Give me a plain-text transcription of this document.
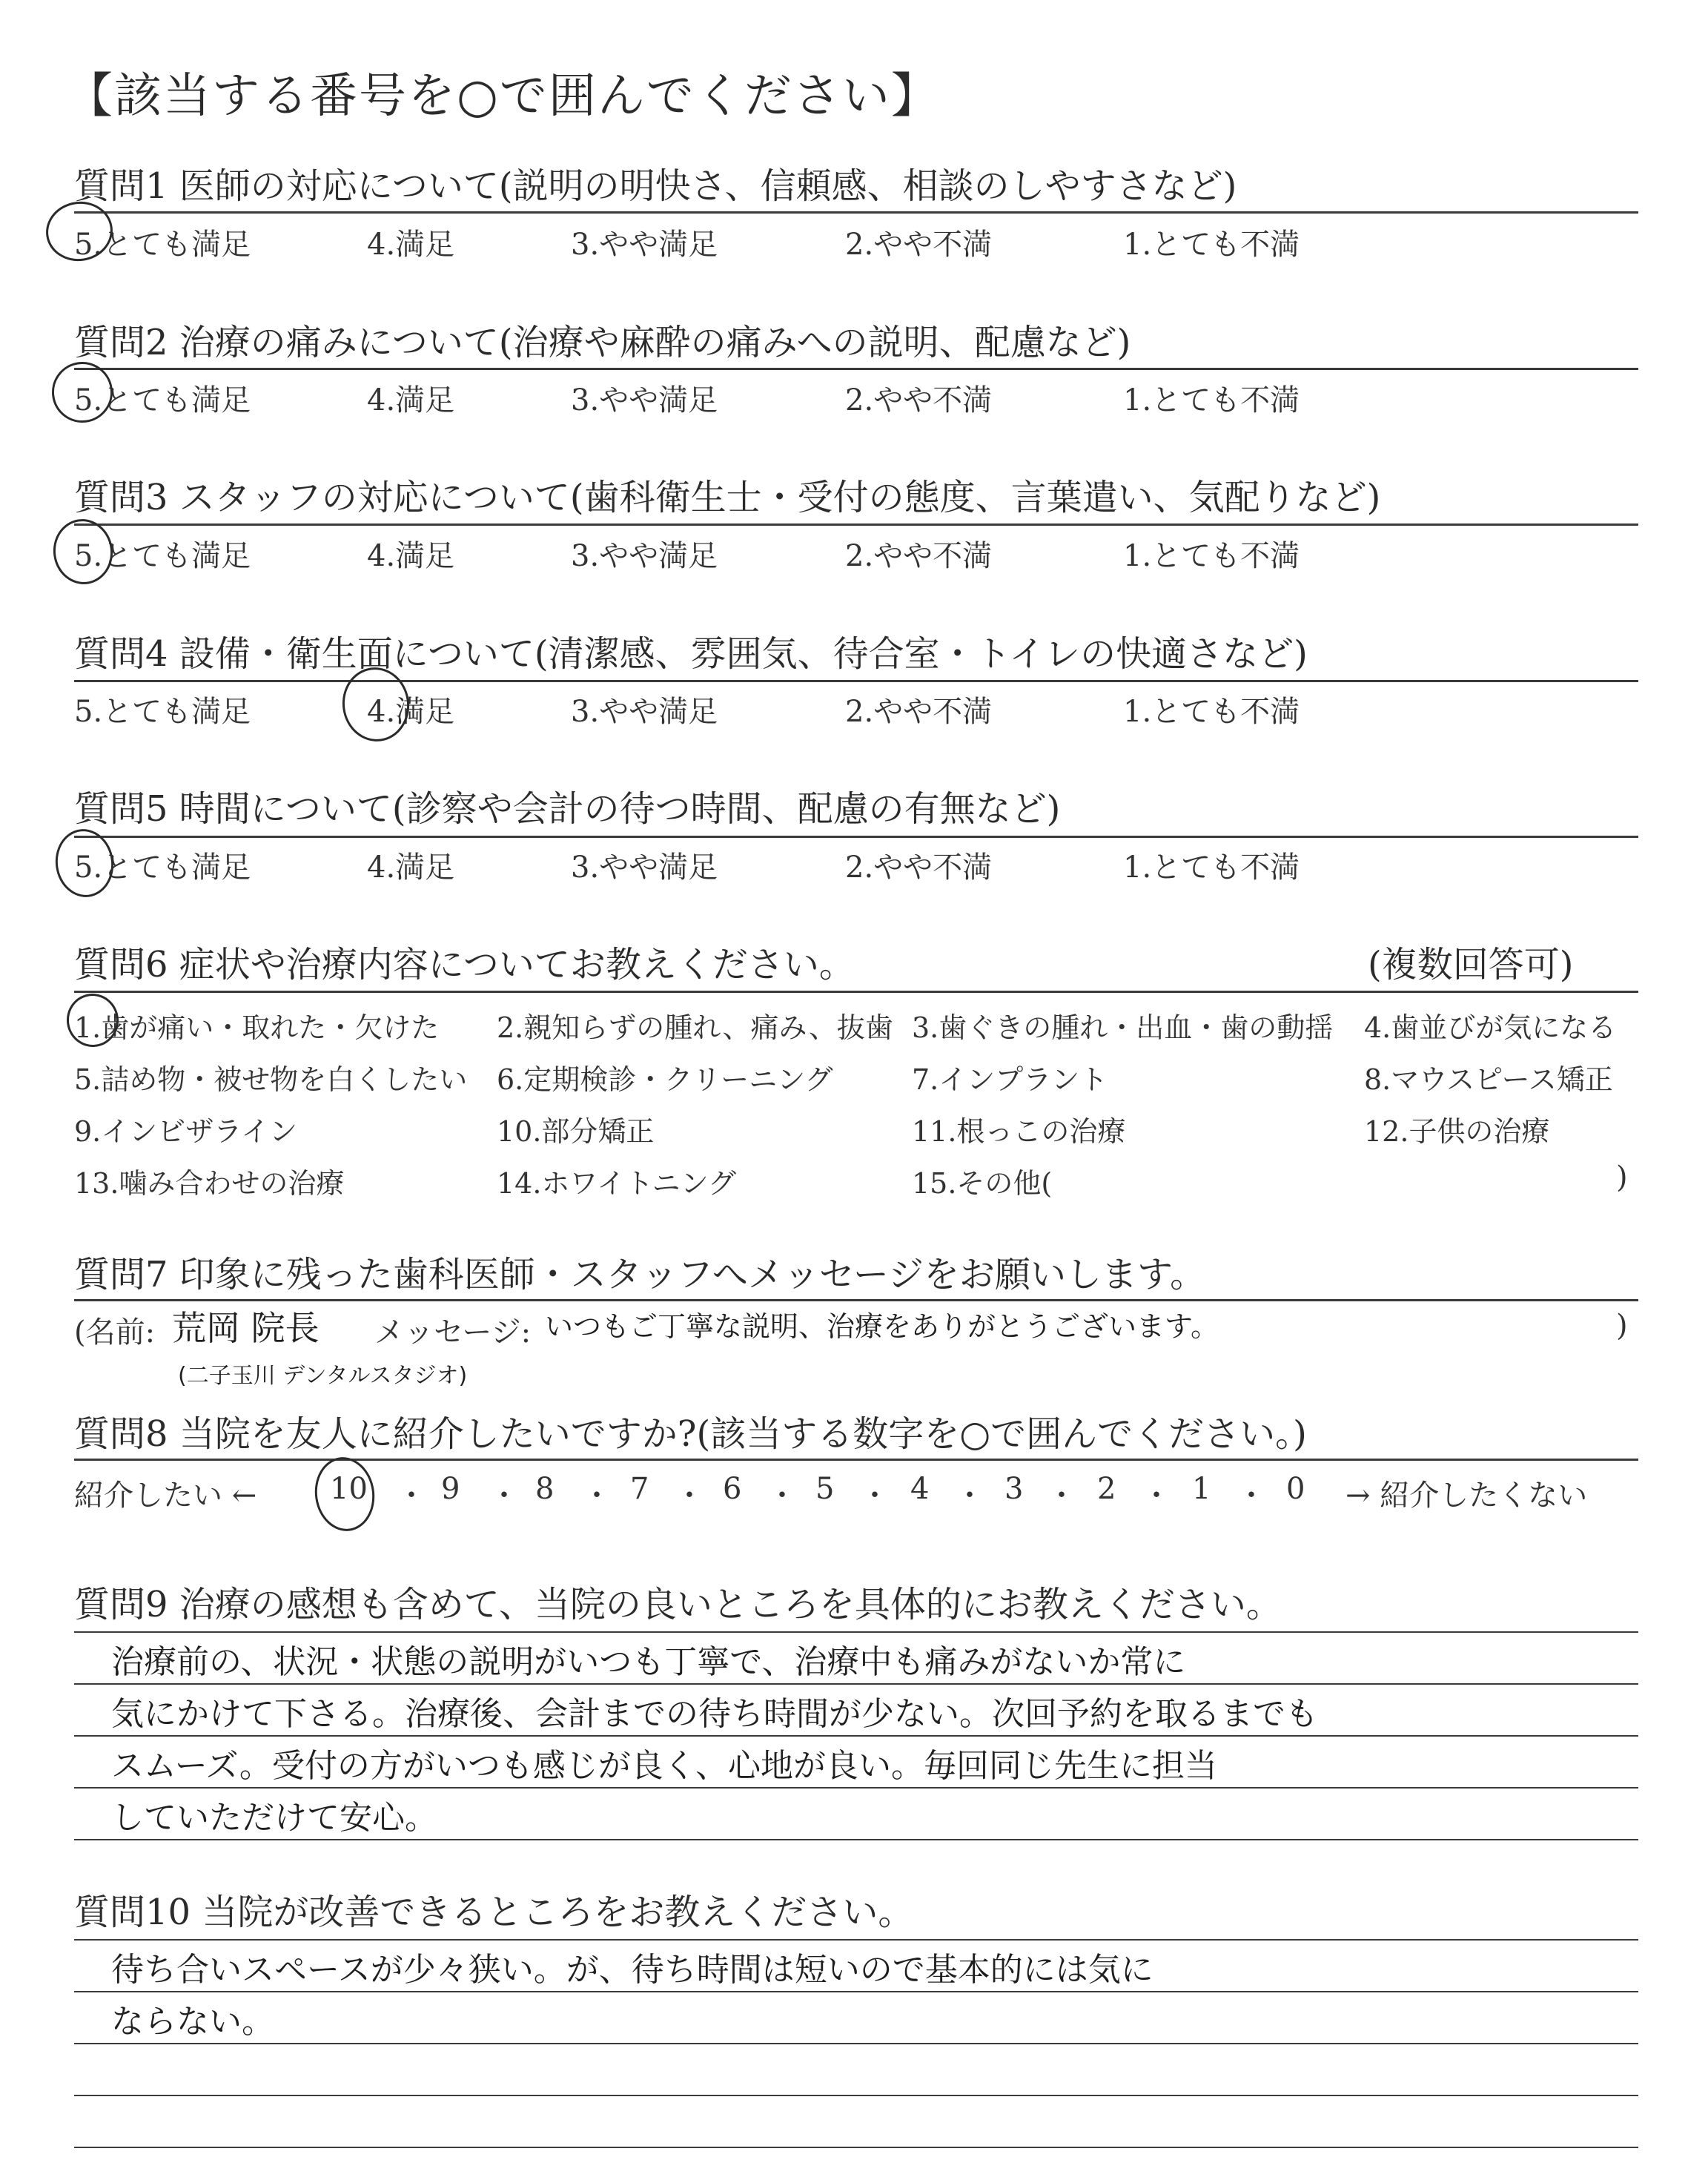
【該当する番号を○で囲んでください】
質問1 医師の対応について(説明の明快さ、信頼感、相談のしやすさなど)
5.とても満足	4.満足	3.やや満足	2.やや不満	1.とても不満
質問2 治療の痛みについて(治療や麻酔の痛みへの説明、配慮など)
5.とても満足	4.満足	3.やや満足	2.やや不満	1.とても不満
質問3 スタッフの対応について(歯科衛生士・受付の態度、言葉遣い、気配りなど)
5.とても満足	4.満足	3.やや満足	2.やや不満	1.とても不満
質問4 設備・衛生面について(清潔感、雰囲気、待合室・トイレの快適さなど)
5.とても満足	4.満足	3.やや満足	2.やや不満	1.とても不満
質問5 時間について(診察や会計の待つ時間、配慮の有無など)
5.とても満足	4.満足	3.やや満足	2.やや不満	1.とても不満
質問6 症状や治療内容についてお教えください。	(複数回答可)
1.歯が痛い・取れた・欠けた 2.親知らずの腫れ、痛み、抜歯 3.歯ぐきの腫れ・出血・歯の動揺 4.歯並びが気になる
5.詰め物・被せ物を白くしたい 6.定期検診・クリーニング	7.インプラント	8.マウスピース矯正
9.インビザライン	10.部分矯正	11.根っこの治療	12.子供の治療
13.噛み合わせの治療	14.ホワイトニング	15.その他(	)
質問7 印象に残った歯科医師・スタッフへメッセージをお願いします。
(名前: 荒岡 院長 メッセージ: いつもご丁寧な説明、治療をありがとうございます。	)
(二子玉川 デンタルスタジオ)
質問8 当院を友人に紹介したいですか?(該当する数字を○で囲んでください。)
紹介したい ← 10 ・ 9 ・ 8 ・ 7 ・ 6 ・ 5 ・ 4 ・ 3 ・ 2 ・ 1 ・ 0 → 紹介したくない
質問9 治療の感想も含めて、当院の良いところを具体的にお教えください。
治療前の、状況・状態の説明がいつも丁寧で、治療中も痛みがないか常に
気にかけて下さる。治療後、会計までの待ち時間が少ない。次回予約を取るまでも
スムーズ。受付の方がいつも感じが良く、心地が良い。毎回同じ先生に担当
していただけて安心。
質問10 当院が改善できるところをお教えください。
待ち合いスペースが少々狭い。が、待ち時間は短いので基本的には気に
ならない。
